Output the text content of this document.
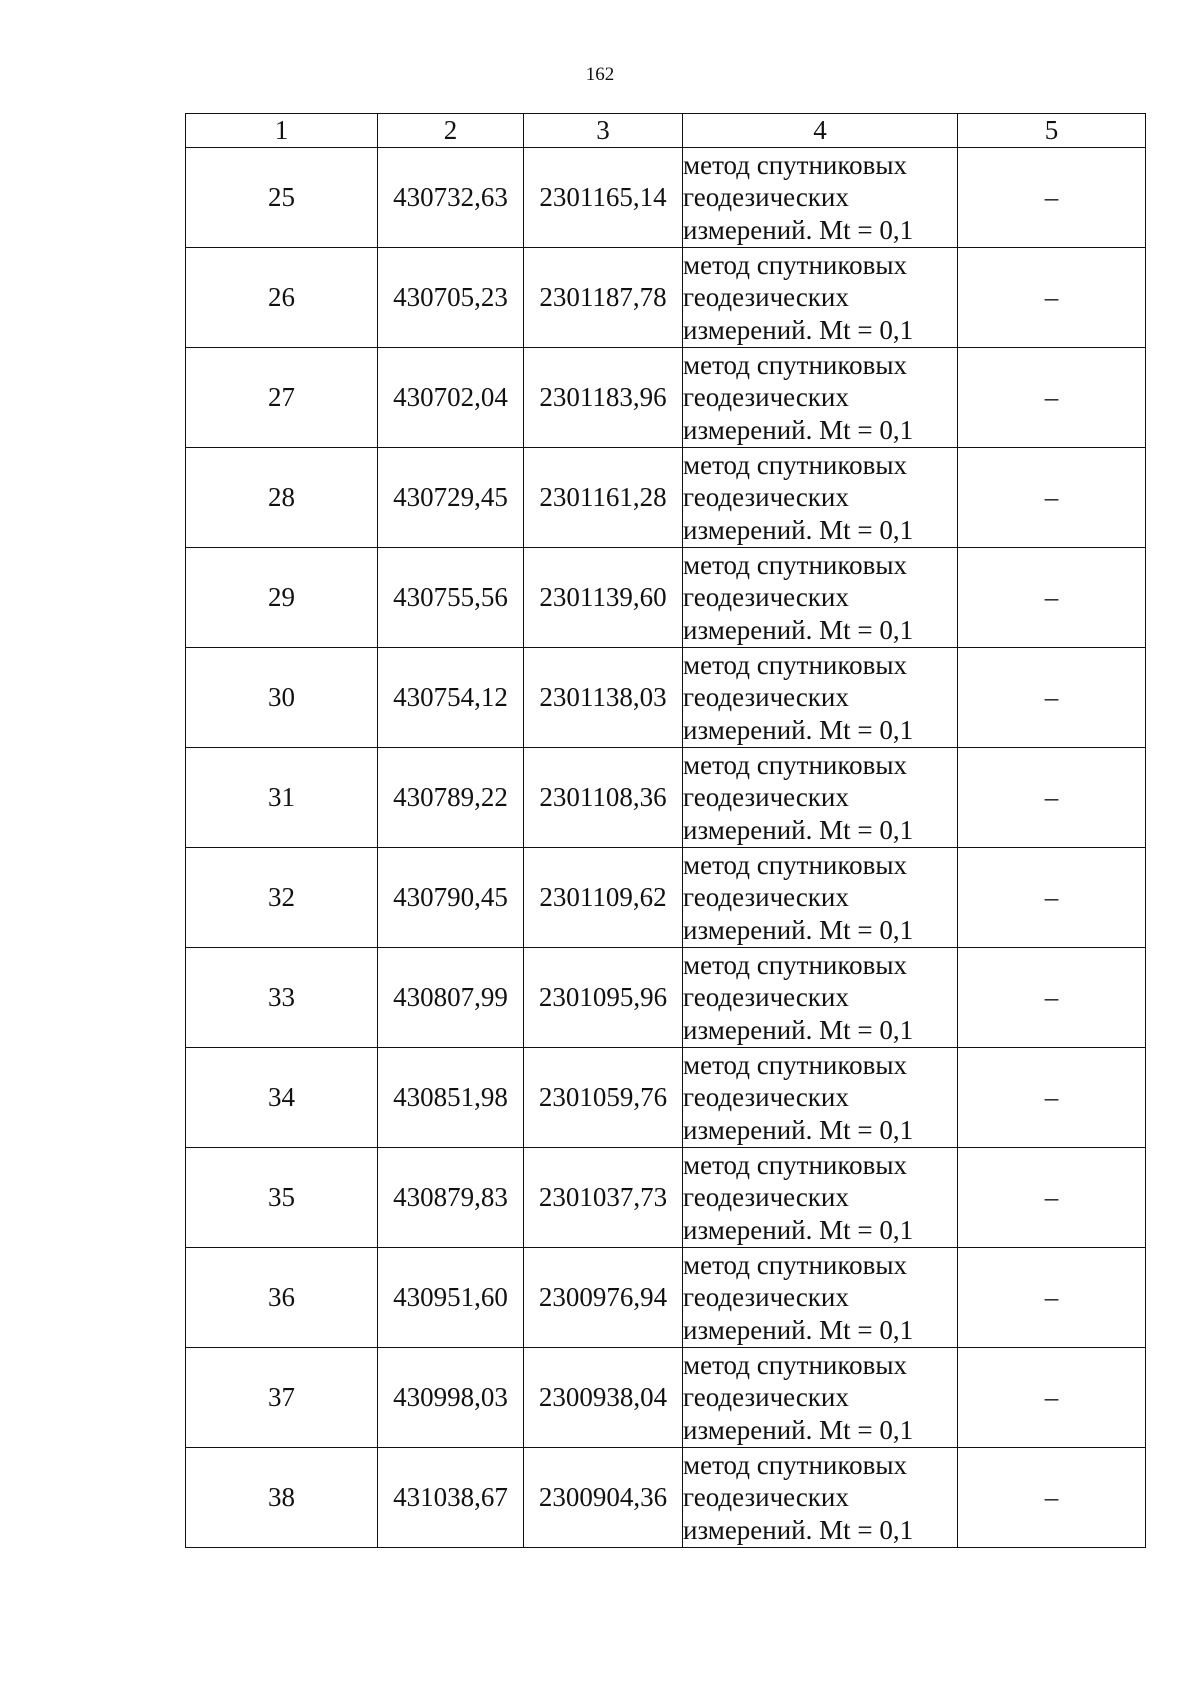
162
1	2	3	4	5
25	430732,63	2301165,14	метод спутниковых
геодезических
измерений. Mt = 0,1	–
26	430705,23	2301187,78	метод спутниковых
геодезических
измерений. Mt = 0,1	–
27	430702,04	2301183,96	метод спутниковых
геодезических
измерений. Mt = 0,1	–
28	430729,45	2301161,28	метод спутниковых
геодезических
измерений. Mt = 0,1	–
29	430755,56	2301139,60	метод спутниковых
геодезических
измерений. Mt = 0,1	–
30	430754,12	2301138,03	метод спутниковых
геодезических
измерений. Mt = 0,1	–
31	430789,22	2301108,36	метод спутниковых
геодезических
измерений. Mt = 0,1	–
32	430790,45	2301109,62	метод спутниковых
геодезических
измерений. Mt = 0,1	–
33	430807,99	2301095,96	метод спутниковых
геодезических
измерений. Mt = 0,1	–
34	430851,98	2301059,76	метод спутниковых
геодезических
измерений. Mt = 0,1	–
35	430879,83	2301037,73	метод спутниковых
геодезических
измерений. Mt = 0,1	–
36	430951,60	2300976,94	метод спутниковых
геодезических
измерений. Mt = 0,1	–
37	430998,03	2300938,04	метод спутниковых
геодезических
измерений. Mt = 0,1	–
38	431038,67	2300904,36	метод спутниковых
геодезических
измерений. Mt = 0,1	–
